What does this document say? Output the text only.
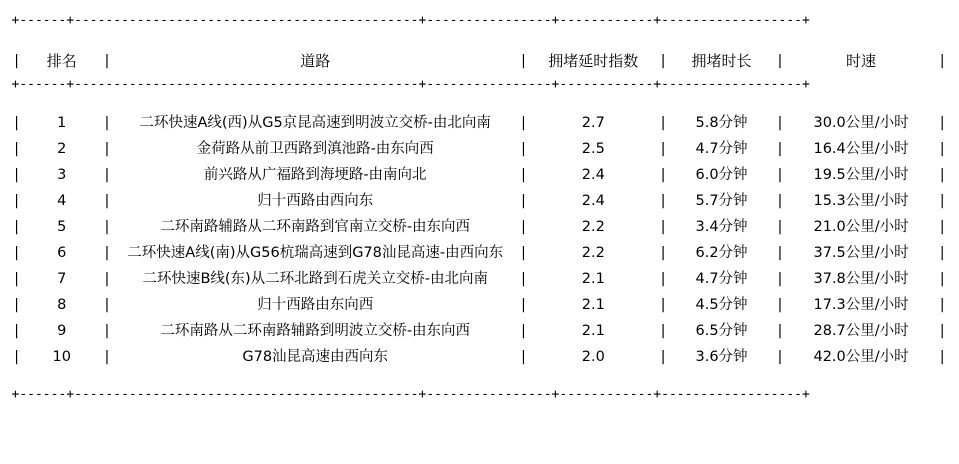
+------+--------------------------------------------+----------------+------------+------------------+										

|	排名	|	道路	|	拥堵延时指数	|	拥堵时长	|	时速	|

+------+--------------------------------------------+----------------+------------+------------------+										

|	1	|	二环快速A线(西)从G5京昆高速到明波立交桥-由北向南	|	2.7	|	5.8分钟	|	30.0公里/小时	|
|	2	|	金荷路从前卫西路到滇池路-由东向西	|	2.5	|	4.7分钟	|	16.4公里/小时	|
|	3	|	前兴路从广福路到海埂路-由南向北	|	2.4	|	6.0分钟	|	19.5公里/小时	|
|	4	|	归十西路由西向东	|	2.4	|	5.7分钟	|	15.3公里/小时	|
|	5	|	二环南路辅路从二环南路到官南立交桥-由东向西	|	2.2	|	3.4分钟	|	21.0公里/小时	|
|	6	|	二环快速A线(南)从G56杭瑞高速到G78汕昆高速-由西向东	|	2.2	|	6.2分钟	|	37.5公里/小时	|
|	7	|	二环快速B线(东)从二环北路到石虎关立交桥-由北向南	|	2.1	|	4.7分钟	|	37.8公里/小时	|
|	8	|	归十西路由东向西	|	2.1	|	4.5分钟	|	17.3公里/小时	|
|	9	|	二环南路从二环南路辅路到明波立交桥-由东向西	|	2.1	|	6.5分钟	|	28.7公里/小时	|
|	10	|	G78汕昆高速由西向东	|	2.0	|	3.6分钟	|	42.0公里/小时	|

+------+--------------------------------------------+----------------+------------+------------------+										
